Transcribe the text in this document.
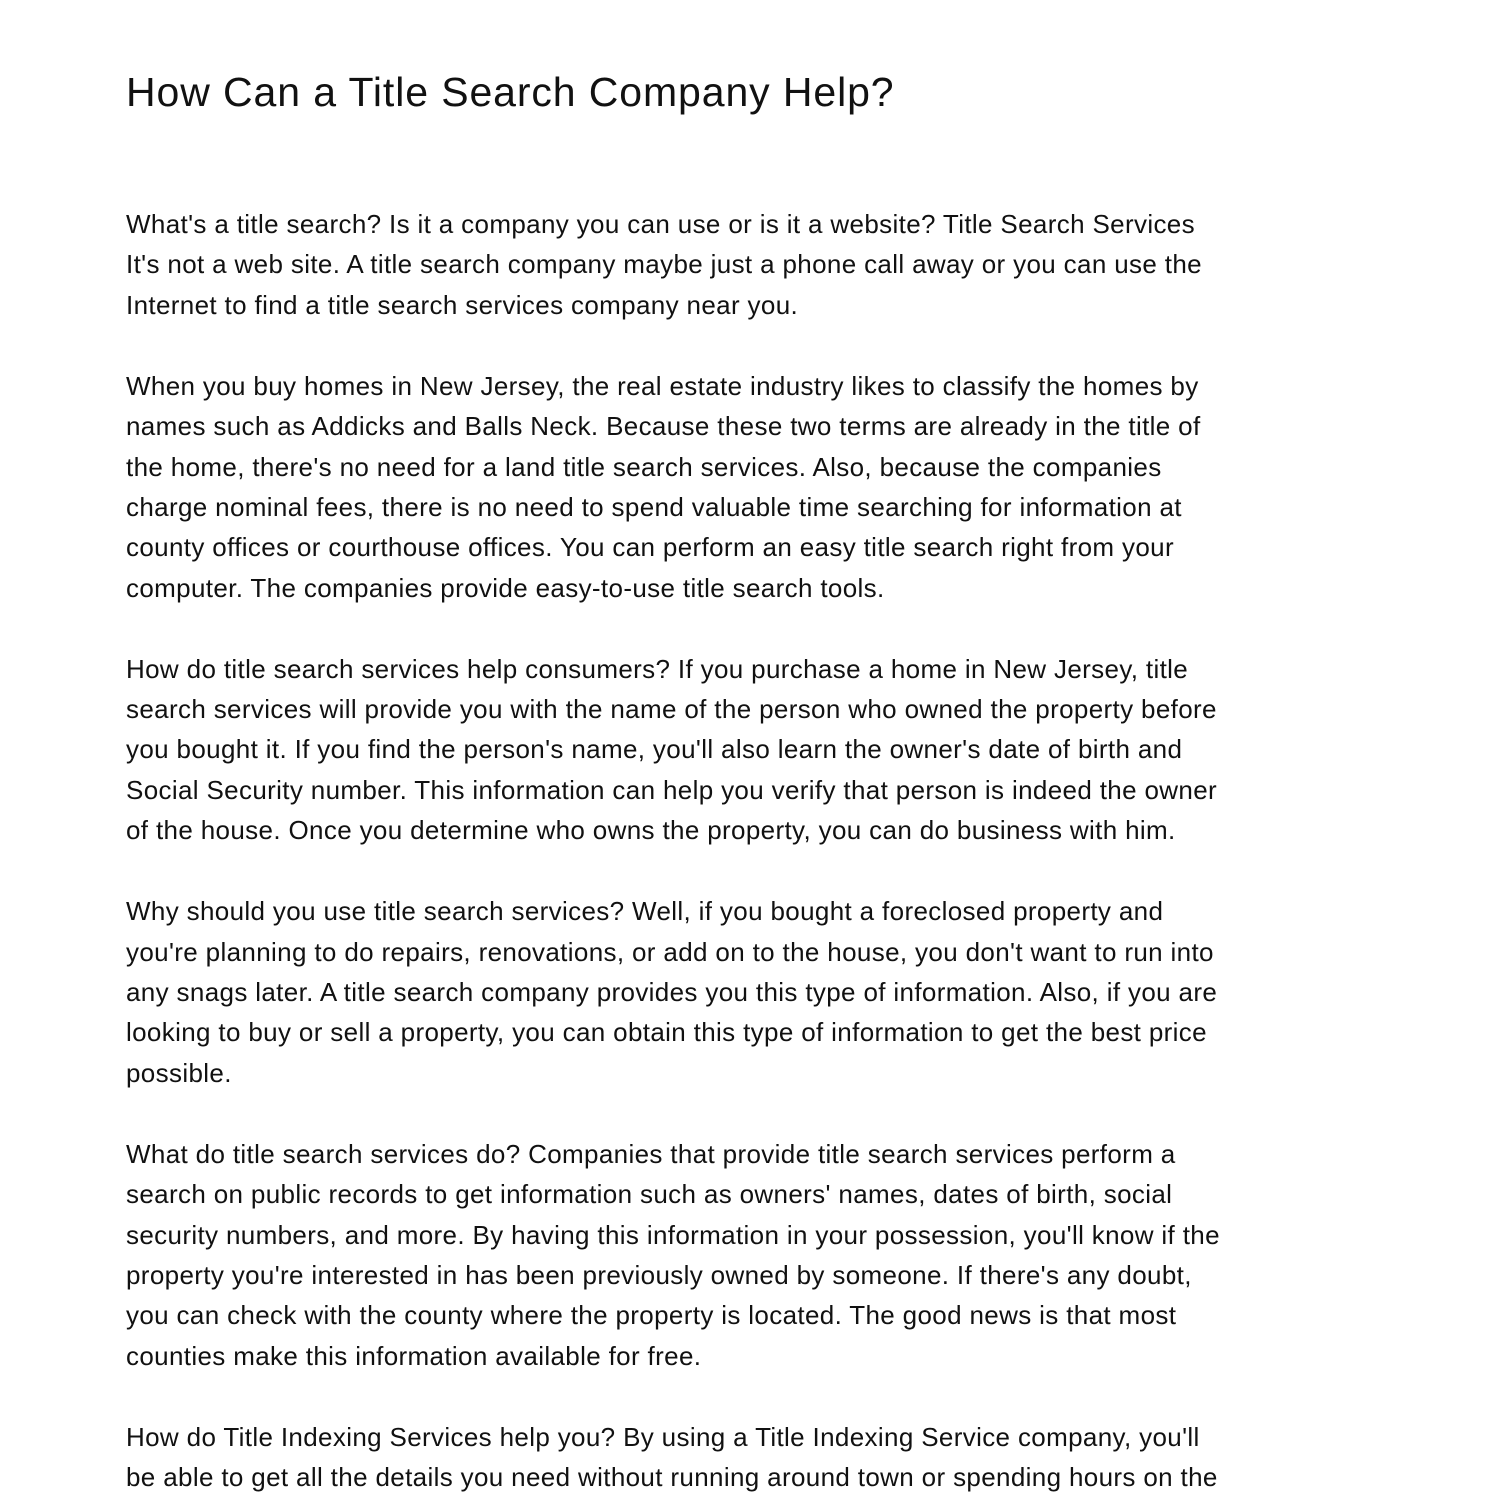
How Can a Title Search Company Help?

What's a title search? Is it a company you can use or is it a website? Title Search Services
It's not a web site. A title search company maybe just a phone call away or you can use the
Internet to find a title search services company near you.

When you buy homes in New Jersey, the real estate industry likes to classify the homes by
names such as Addicks and Balls Neck. Because these two terms are already in the title of
the home, there's no need for a land title search services. Also, because the companies
charge nominal fees, there is no need to spend valuable time searching for information at
county offices or courthouse offices. You can perform an easy title search right from your
computer. The companies provide easy-to-use title search tools.

How do title search services help consumers? If you purchase a home in New Jersey, title
search services will provide you with the name of the person who owned the property before
you bought it. If you find the person's name, you'll also learn the owner's date of birth and
Social Security number. This information can help you verify that person is indeed the owner
of the house. Once you determine who owns the property, you can do business with him.

Why should you use title search services? Well, if you bought a foreclosed property and
you're planning to do repairs, renovations, or add on to the house, you don't want to run into
any snags later. A title search company provides you this type of information. Also, if you are
looking to buy or sell a property, you can obtain this type of information to get the best price
possible.

What do title search services do? Companies that provide title search services perform a
search on public records to get information such as owners' names, dates of birth, social
security numbers, and more. By having this information in your possession, you'll know if the
property you're interested in has been previously owned by someone. If there's any doubt,
you can check with the county where the property is located. The good news is that most
counties make this information available for free.

How do Title Indexing Services help you? By using a Title Indexing Service company, you'll
be able to get all the details you need without running around town or spending hours on the
